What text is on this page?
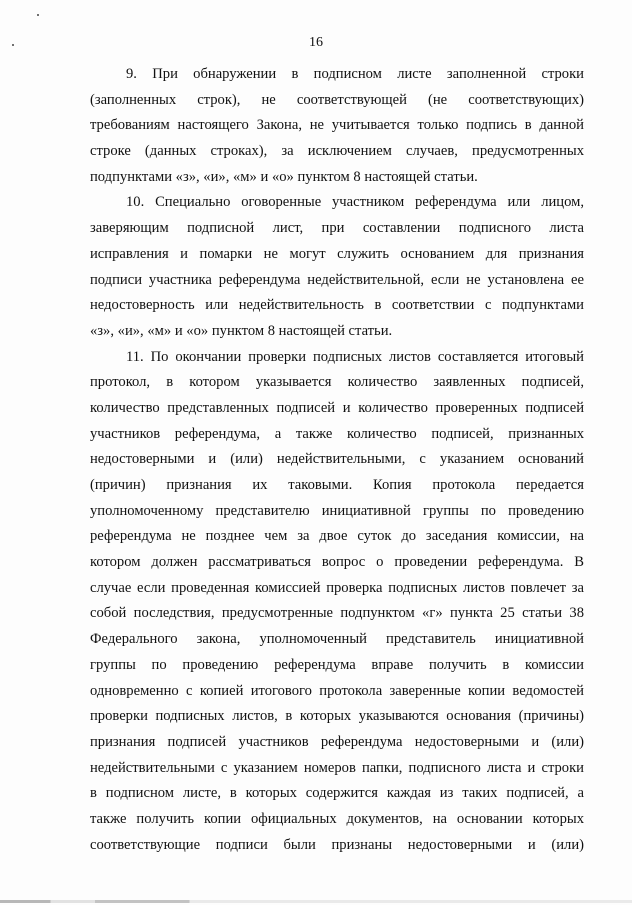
16
9. При обнаружении в подписном листе заполненной строки
(заполненных строк), не соответствующей (не соответствующих)
требованиям настоящего Закона, не учитывается только подпись в данной
строке (данных строках), за исключением случаев, предусмотренных
подпунктами «з», «и», «м» и «о» пунктом 8 настоящей статьи.
10. Специально оговоренные участником референдума или лицом,
заверяющим подписной лист, при составлении подписного листа
исправления и помарки не могут служить основанием для признания
подписи участника референдума недействительной, если не установлена ее
недостоверность или недействительность в соответствии с подпунктами
«з», «и», «м» и «о» пунктом 8 настоящей статьи.
11. По окончании проверки подписных листов составляется итоговый
протокол, в котором указывается количество заявленных подписей,
количество представленных подписей и количество проверенных подписей
участников референдума, а также количество подписей, признанных
недостоверными и (или) недействительными, с указанием оснований
(причин) признания их таковыми. Копия протокола передается
уполномоченному представителю инициативной группы по проведению
референдума не позднее чем за двое суток до заседания комиссии, на
котором должен рассматриваться вопрос о проведении референдума. В
случае если проведенная комиссией проверка подписных листов повлечет за
собой последствия, предусмотренные подпунктом «г» пункта 25 статьи 38
Федерального закона, уполномоченный представитель инициативной
группы по проведению референдума вправе получить в комиссии
одновременно с копией итогового протокола заверенные копии ведомостей
проверки подписных листов, в которых указываются основания (причины)
признания подписей участников референдума недостоверными и (или)
недействительными с указанием номеров папки, подписного листа и строки
в подписном листе, в которых содержится каждая из таких подписей, а
также получить копии официальных документов, на основании которых
соответствующие подписи были признаны недостоверными и (или)
